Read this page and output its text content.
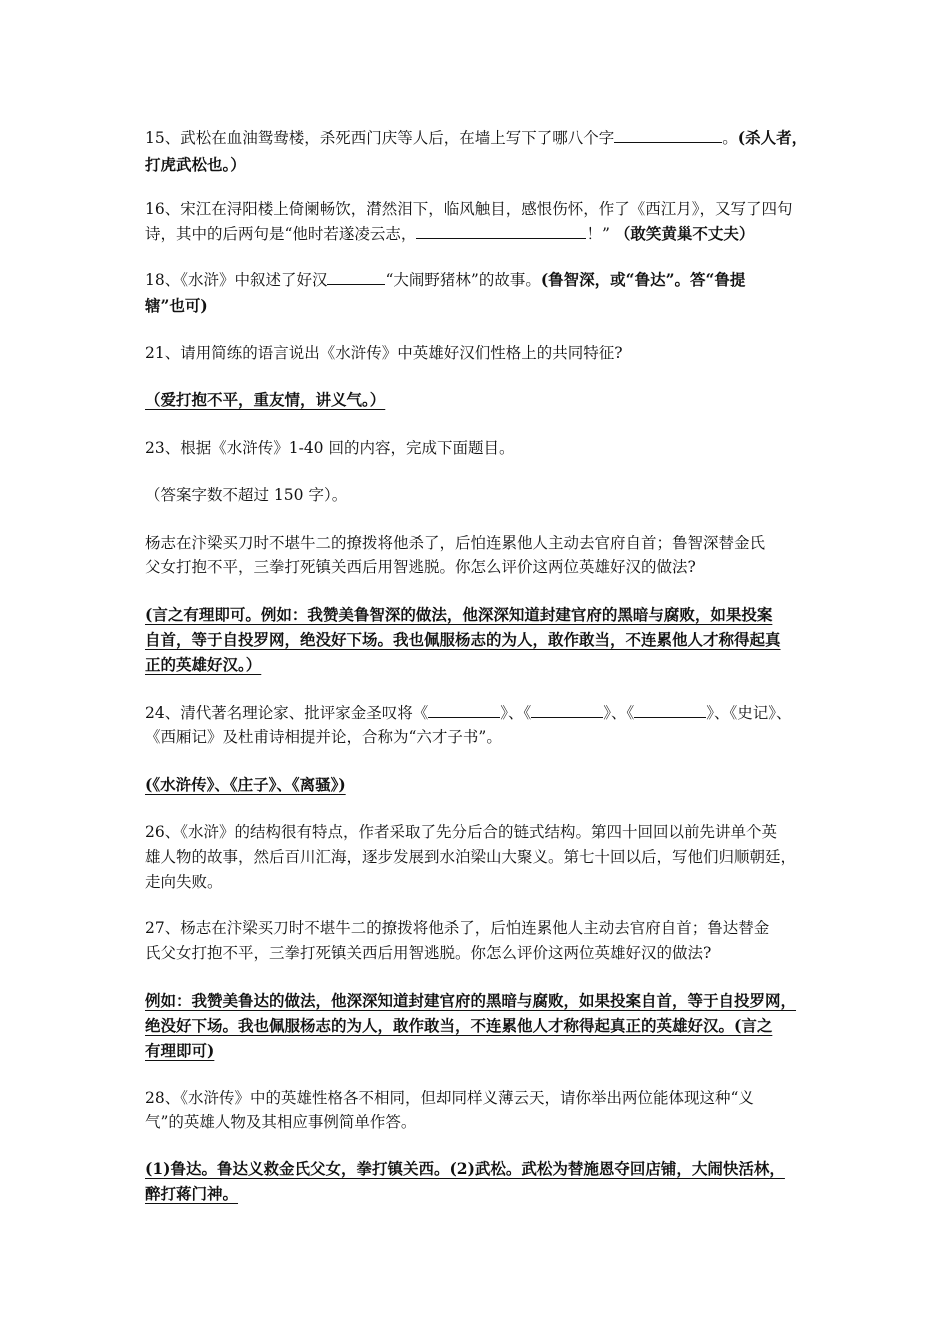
15、武松在血油鸳鸯楼，杀死西门庆等人后，在墙上写下了哪八个字	。(杀人者，
打虎武松也。）
16、宋江在浔阳楼上倚阑畅饮，潸然泪下，临风触目，感恨伤怀，作了《西江月》，又写了四句
诗，其中的后两句是“他时若遂凌云志，	！” （敢笑黄巢不丈夫）
18、《水浒》中叙述了好汉	“大闹野猪林”的故事。(鲁智深，或“鲁达”。答“鲁提
辖”也可)
21、请用简练的语言说出《水浒传》中英雄好汉们性格上的共同特征?
（爱打抱不平，重友情，讲义气。）
23、根据《水浒传》1-40 回的内容，完成下面题目。
（答案字数不超过 150 字）。
杨志在汴梁买刀时不堪牛二的撩拨将他杀了，后怕连累他人主动去官府自首；鲁智深替金氏
父女打抱不平，三拳打死镇关西后用智逃脱。你怎么评价这两位英雄好汉的做法?
(言之有理即可。例如：我赞美鲁智深的做法，他深深知道封建官府的黑暗与腐败，如果投案
自首，等于自投罗网，绝没好下场。我也佩服杨志的为人，敢作敢当，不连累他人才称得起真
正的英雄好汉。）
24、清代著名理论家、批评家金圣叹将《	》、《	》、《	》、《史记》、
《西厢记》及杜甫诗相提并论，合称为“六才子书”。
(《水浒传》、《庄子》、《离骚》)
26、《水浒》的结构很有特点，作者采取了先分后合的链式结构。第四十回回以前先讲单个英
雄人物的故事，然后百川汇海，逐步发展到水泊梁山大聚义。第七十回以后，写他们归顺朝廷，
走向失败。
27、杨志在汴梁买刀时不堪牛二的撩拨将他杀了，后怕连累他人主动去官府自首；鲁达替金
氏父女打抱不平，三拳打死镇关西后用智逃脱。你怎么评价这两位英雄好汉的做法?
例如：我赞美鲁达的做法，他深深知道封建官府的黑暗与腐败，如果投案自首，等于自投罗网，
绝没好下场。我也佩服杨志的为人，敢作敢当，不连累他人才称得起真正的英雄好汉。(言之
有理即可)
28、《水浒传》中的英雄性格各不相同，但却同样义薄云天，请你举出两位能体现这种“义
气”的英雄人物及其相应事例简单作答。
(1)鲁达。鲁达义救金氏父女，拳打镇关西。(2)武松。武松为替施恩夺回店铺，大闹快活林，
醉打蒋门神。
